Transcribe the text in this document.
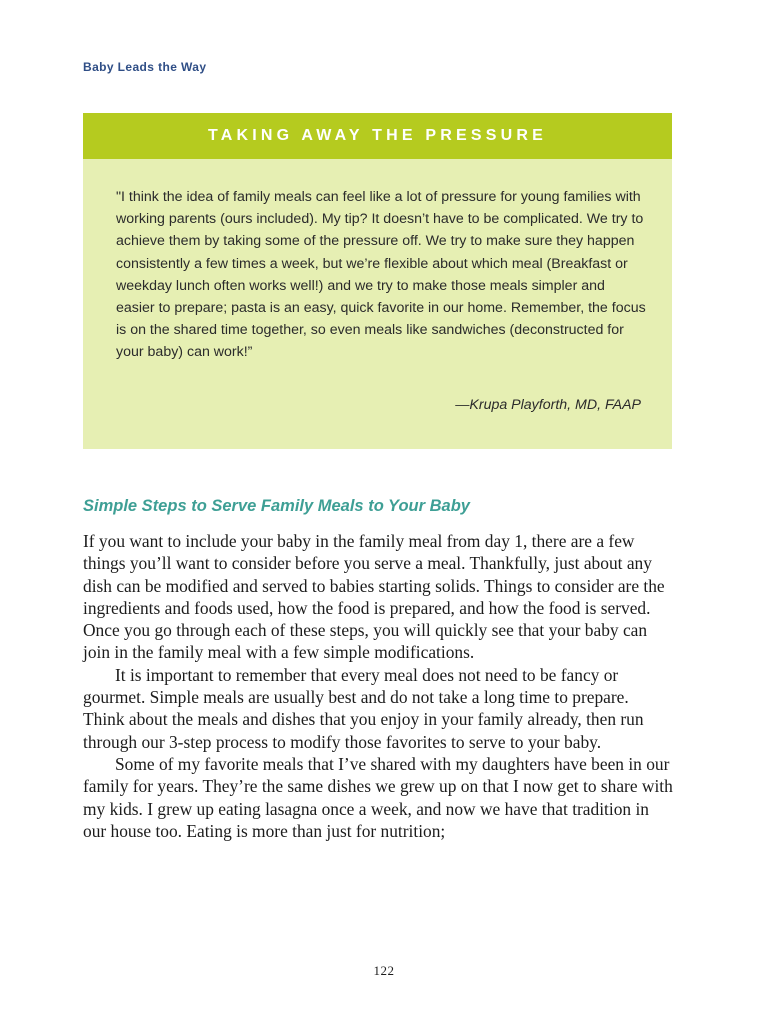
Baby Leads the Way
TAKING AWAY THE PRESSURE
"I think the idea of family meals can feel like a lot of pressure for young families with working parents (ours included). My tip? It doesn’t have to be complicated. We try to achieve them by taking some of the pressure off. We try to make sure they happen consistently a few times a week, but we’re flexible about which meal (Breakfast or weekday lunch often works well!) and we try to make those meals simpler and easier to prepare; pasta is an easy, quick favorite in our home. Remember, the focus is on the shared time together, so even meals like sandwiches (deconstructed for your baby) can work!”
—Krupa Playforth, MD, FAAP
Simple Steps to Serve Family Meals to Your Baby

If you want to include your baby in the family meal from day 1, there are a few things you’ll want to consider before you serve a meal. Thankfully, just about any dish can be modified and served to babies starting solids. Things to consider are the ingredients and foods used, how the food is prepared, and how the food is served. Once you go through each of these steps, you will quickly see that your baby can join in the family meal with a few simple modifications.

It is important to remember that every meal does not need to be fancy or gourmet. Simple meals are usually best and do not take a long time to prepare. Think about the meals and dishes that you enjoy in your family already, then run through our 3-step process to modify those favorites to serve to your baby.

Some of my favorite meals that I’ve shared with my daughters have been in our family for years. They’re the same dishes we grew up on that I now get to share with my kids. I grew up eating lasagna once a week, and now we have that tradition in our house too. Eating is more than just for nutrition;

122
